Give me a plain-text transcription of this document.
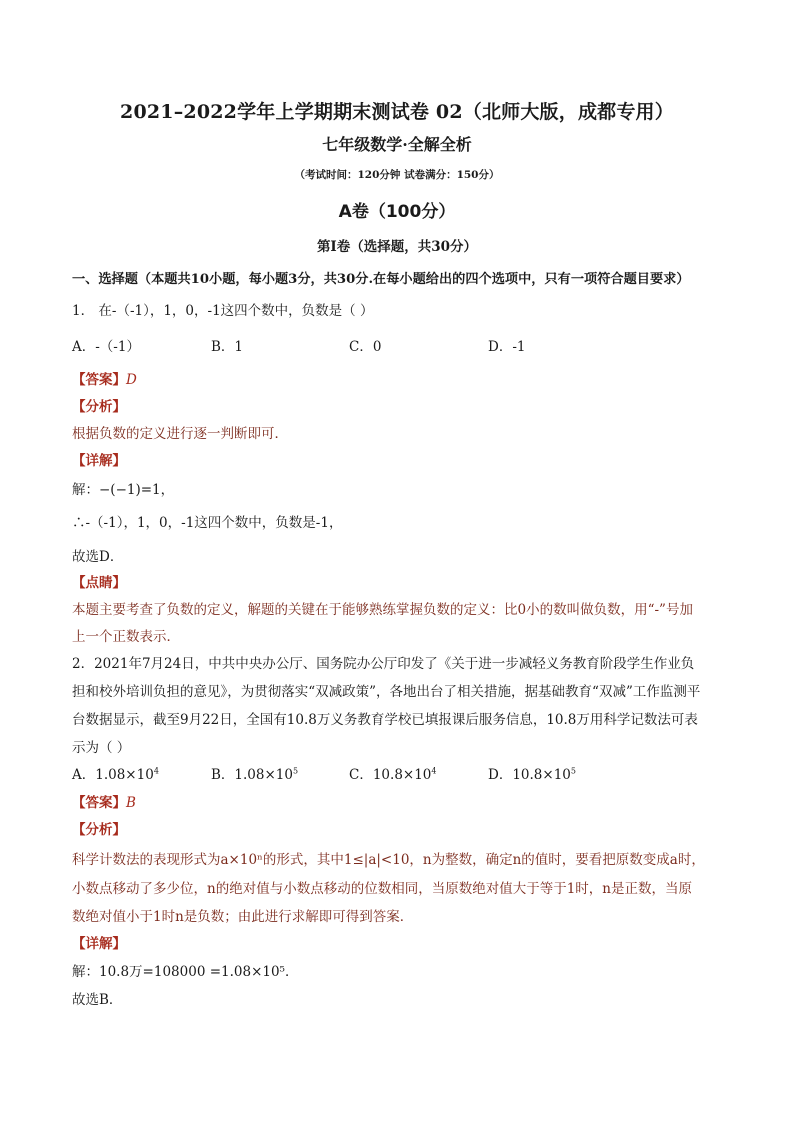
2021–2022学年上学期期末测试卷 02（北师大版，成都专用）
七年级数学·全解全析
（考试时间：120分钟 试卷满分：150分）
A卷（100分）
第I卷（选择题，共30分）
一、选择题（本题共10小题，每小题3分，共30分.在每小题给出的四个选项中，只有一项符合题目要求）
1． 在-（-1），1，0，-1这四个数中，负数是（ ）
A．-（-1）	B．1	C．0	D．-1
【答案】D
【分析】
根据负数的定义进行逐一判断即可．
【详解】
解：−(−1)=1，
∴-（-1），1，0，-1这四个数中，负数是-1，
故选D．
【点睛】
本题主要考查了负数的定义，解题的关键在于能够熟练掌握负数的定义：比0小的数叫做负数，用“-”号加
上一个正数表示．
2．2021年7月24日，中共中央办公厅、国务院办公厅印发了《关于进一步减轻义务教育阶段学生作业负
担和校外培训负担的意见》，为贯彻落实“双减政策”，各地出台了相关措施，据基础教育“双减”工作监测平
台数据显示，截至9月22日，全国有10.8万义务教育学校已填报课后服务信息，10.8万用科学记数法可表
示为（ ）
A．$1.08\times 10^4$	B．$1.08\times 10^5$	C．$10.8\times 10^4$	D．$10.8\times 10^5$
【答案】B
【分析】
科学计数法的表现形式为a×10ⁿ的形式，其中1≤|a|<10，n为整数，确定n的值时，要看把原数变成a时，
小数点移动了多少位，n的绝对值与小数点移动的位数相同，当原数绝对值大于等于1时，n是正数，当原
数绝对值小于1时n是负数；由此进行求解即可得到答案．
【详解】
解：10.8万=108000 =1.08×10⁵．
故选B．
